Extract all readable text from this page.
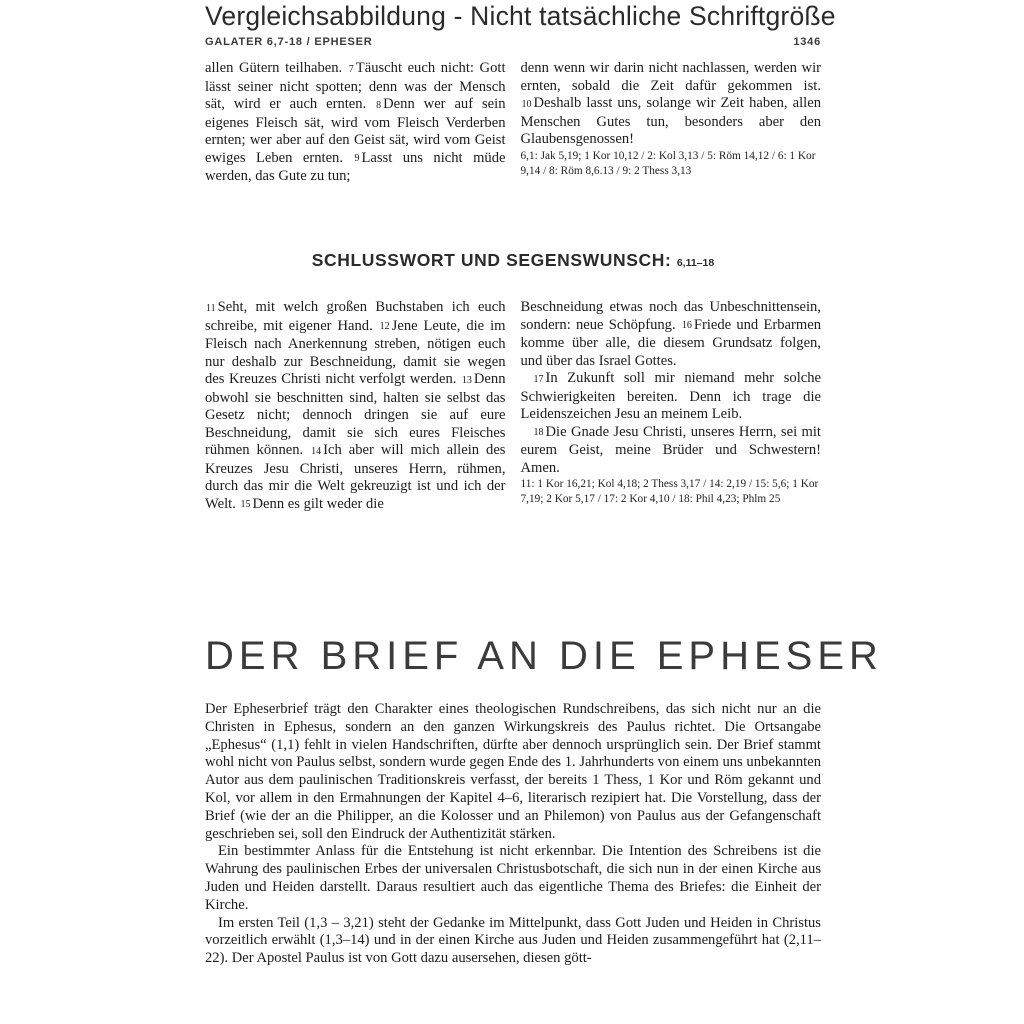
Vergleichsabbildung - Nicht tatsächliche Schriftgröße
GALATER 6,7-18 / EPHESER	1346

allen Gütern teilhaben. 7 Täuscht euch nicht: Gott lässt seiner nicht spotten; denn was der Mensch sät, wird er auch ernten. 8 Denn wer auf sein eigenes Fleisch sät, wird vom Fleisch Verderben ernten; wer aber auf den Geist sät, wird vom Geist ewiges Leben ernten. 9 Lasst uns nicht müde werden, das Gute zu tun;

denn wenn wir darin nicht nachlassen, werden wir ernten, sobald die Zeit dafür gekommen ist. 10 Deshalb lasst uns, solange wir Zeit haben, allen Menschen Gutes tun, besonders aber den Glaubensgenossen!

6,1: Jak 5,19; 1 Kor 10,12 / 2: Kol 3,13 / 5: Röm 14,12 / 6: 1 Kor 9,14 / 8: Röm 8,6.13 / 9: 2 Thess 3,13

SCHLUSSWORT UND SEGENSWUNSCH: 6,11–18

11 Seht, mit welch großen Buchstaben ich euch schreibe, mit eigener Hand. 12 Jene Leute, die im Fleisch nach Anerkennung streben, nötigen euch nur deshalb zur Beschneidung, damit sie wegen des Kreuzes Christi nicht verfolgt werden. 13 Denn obwohl sie beschnitten sind, halten sie selbst das Gesetz nicht; dennoch dringen sie auf eure Beschneidung, damit sie sich eures Fleisches rühmen können. 14 Ich aber will mich allein des Kreuzes Jesu Christi, unseres Herrn, rühmen, durch das mir die Welt gekreuzigt ist und ich der Welt. 15 Denn es gilt weder die

Beschneidung etwas noch das Unbeschnittensein, sondern: neue Schöpfung. 16 Friede und Erbarmen komme über alle, die diesem Grundsatz folgen, und über das Israel Gottes.

17 In Zukunft soll mir niemand mehr solche Schwierigkeiten bereiten. Denn ich trage die Leidenszeichen Jesu an meinem Leib.

18 Die Gnade Jesu Christi, unseres Herrn, sei mit eurem Geist, meine Brüder und Schwestern! Amen.

11: 1 Kor 16,21; Kol 4,18; 2 Thess 3,17 / 14: 2,19 / 15: 5,6; 1 Kor 7,19; 2 Kor 5,17 / 17: 2 Kor 4,10 / 18: Phil 4,23; Phlm 25

DER BRIEF AN DIE EPHESER

Der Epheserbrief trägt den Charakter eines theologischen Rundschreibens, das sich nicht nur an die Christen in Ephesus, sondern an den ganzen Wirkungskreis des Paulus richtet. Die Ortsangabe „Ephesus“ (1,1) fehlt in vielen Handschriften, dürfte aber dennoch ursprünglich sein. Der Brief stammt wohl nicht von Paulus selbst, sondern wurde gegen Ende des 1. Jahrhunderts von einem uns unbekannten Autor aus dem paulinischen Traditionskreis verfasst, der bereits 1 Thess, 1 Kor und Röm gekannt und Kol, vor allem in den Ermahnungen der Kapitel 4–6, literarisch rezipiert hat. Die Vorstellung, dass der Brief (wie der an die Philipper, an die Kolosser und an Philemon) von Paulus aus der Gefangenschaft geschrieben sei, soll den Eindruck der Authentizität stärken.

Ein bestimmter Anlass für die Entstehung ist nicht erkennbar. Die Intention des Schreibens ist die Wahrung des paulinischen Erbes der universalen Christusbotschaft, die sich nun in der einen Kirche aus Juden und Heiden darstellt. Daraus resultiert auch das eigentliche Thema des Briefes: die Einheit der Kirche.

Im ersten Teil (1,3 – 3,21) steht der Gedanke im Mittelpunkt, dass Gott Juden und Heiden in Christus vorzeitlich erwählt (1,3–14) und in der einen Kirche aus Juden und Heiden zusammengeführt hat (2,11–22). Der Apostel Paulus ist von Gott dazu ausersehen, diesen gött-
